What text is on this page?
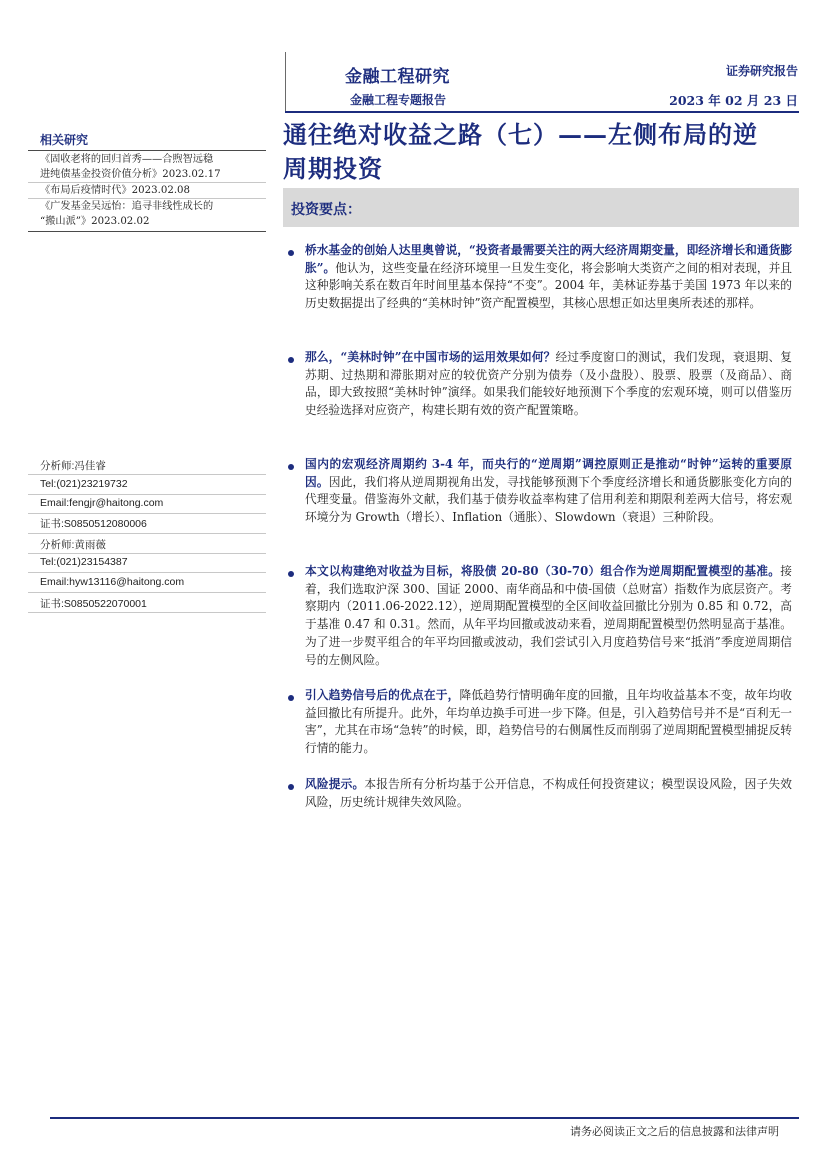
金融工程研究
金融工程专题报告
证券研究报告
2023 年 02 月 23 日
相关研究
《固收老将的回归首秀——合煦智远稳
进纯债基金投资价值分析》2023.02.17
《布局后疫情时代》2023.02.08
《广发基金吴远怡：追寻非线性成长的
“搬山派”》2023.02.02
分析师:冯佳睿
Tel:(021)23219732
Email:fengjr@haitong.com
证书:S0850512080006
分析师:黄雨薇
Tel:(021)23154387
Email:hyw13116@haitong.com
证书:S0850522070001
通往绝对收益之路（七）——左侧布局的逆
周期投资
投资要点：
桥水基金的创始人达里奥曾说，“投资者最需要关注的两大经济周期变量，即经济增长和通货膨胀”。他认为，这些变量在经济环境里一旦发生变化，将会影响大类资产之间的相对表现，并且这种影响关系在数百年时间里基本保持“不变”。2004 年，美林证券基于美国 1973 年以来的历史数据提出了经典的“美林时钟”资产配置模型，其核心思想正如达里奥所表述的那样。
那么，“美林时钟”在中国市场的运用效果如何？经过季度窗口的测试，我们发现，衰退期、复苏期、过热期和滞胀期对应的较优资产分别为债券（及小盘股）、股票、股票（及商品）、商品，即大致按照“美林时钟”演绎。如果我们能较好地预测下个季度的宏观环境，则可以借鉴历史经验选择对应资产，构建长期有效的资产配置策略。
国内的宏观经济周期约 3-4 年，而央行的“逆周期”调控原则正是推动“时钟”运转的重要原因。因此，我们将从逆周期视角出发，寻找能够预测下个季度经济增长和通货膨胀变化方向的代理变量。借鉴海外文献，我们基于债券收益率构建了信用利差和期限利差两大信号，将宏观环境分为 Growth（增长）、Inflation（通胀）、Slowdown（衰退）三种阶段。
本文以构建绝对收益为目标，将股债 20-80（30-70）组合作为逆周期配置模型的基准。接着，我们选取沪深 300、国证 2000、南华商品和中债-国债（总财富）指数作为底层资产。考察期内（2011.06-2022.12），逆周期配置模型的全区间收益回撤比分别为 0.85 和 0.72，高于基准 0.47 和 0.31。然而，从年平均回撤或波动来看，逆周期配置模型仍然明显高于基准。为了进一步熨平组合的年平均回撤或波动，我们尝试引入月度趋势信号来“抵消”季度逆周期信号的左侧风险。
引入趋势信号后的优点在于，降低趋势行情明确年度的回撤，且年均收益基本不变，故年均收益回撤比有所提升。此外，年均单边换手可进一步下降。但是，引入趋势信号并不是“百利无一害”，尤其在市场“急转”的时候，即，趋势信号的右侧属性反而削弱了逆周期配置模型捕捉反转行情的能力。
风险提示。本报告所有分析均基于公开信息，不构成任何投资建议；模型误设风险，因子失效风险，历史统计规律失效风险。
请务必阅读正文之后的信息披露和法律声明
